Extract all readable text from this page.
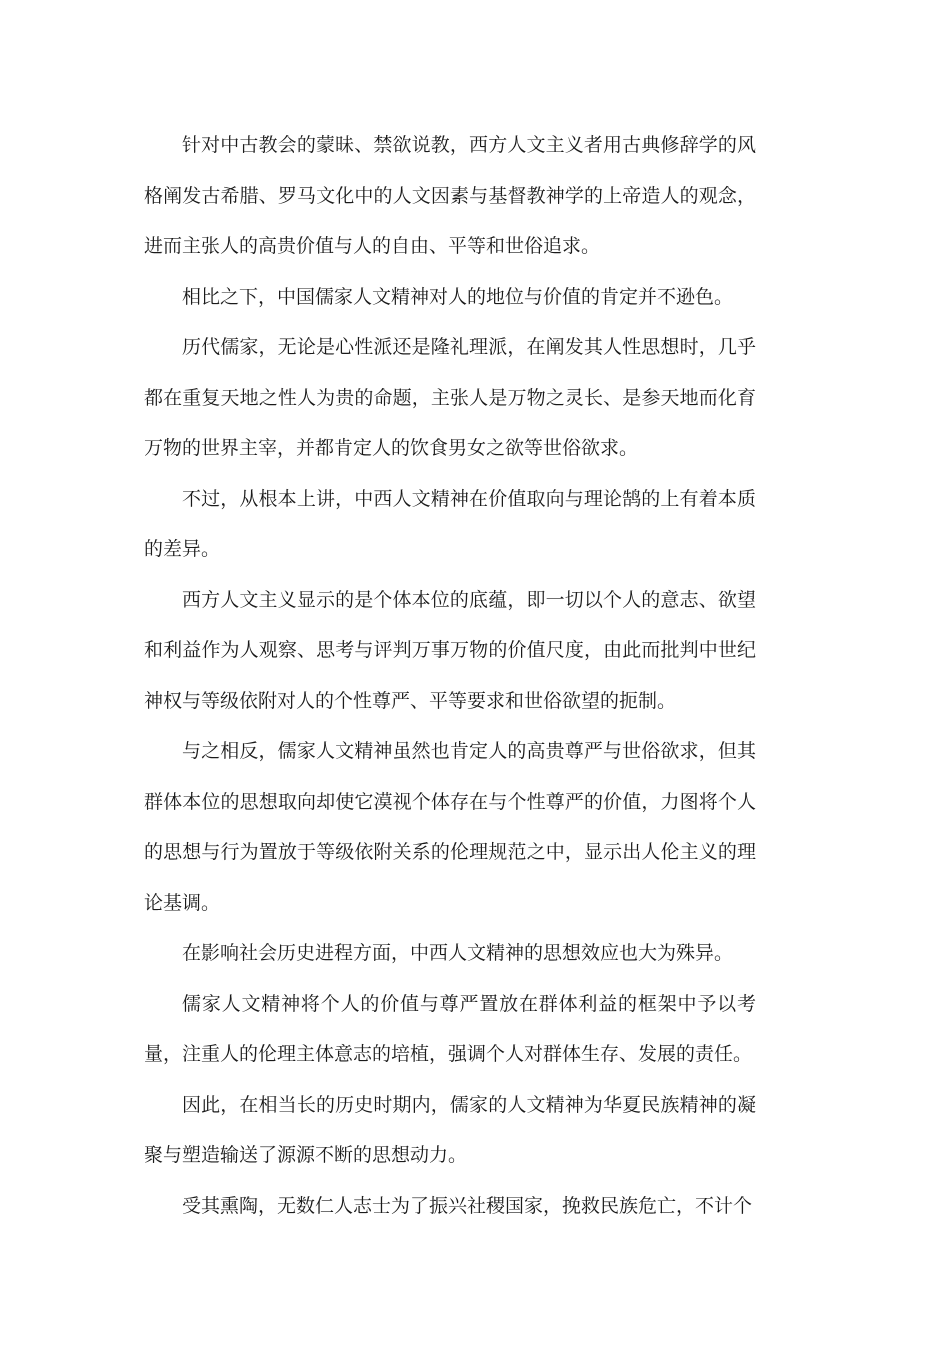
针对中古教会的蒙昧、禁欲说教，西方人文主义者用古典修辞学的风格阐发古希腊、罗马文化中的人文因素与基督教神学的上帝造人的观念，进而主张人的高贵价值与人的自由、平等和世俗追求。

相比之下，中国儒家人文精神对人的地位与价值的肯定并不逊色。

历代儒家，无论是心性派还是隆礼理派，在阐发其人性思想时，几乎都在重复天地之性人为贵的命题，主张人是万物之灵长、是参天地而化育万物的世界主宰，并都肯定人的饮食男女之欲等世俗欲求。

不过，从根本上讲，中西人文精神在价值取向与理论鹄的上有着本质的差异。

西方人文主义显示的是个体本位的底蕴，即一切以个人的意志、欲望和利益作为人观察、思考与评判万事万物的价值尺度，由此而批判中世纪神权与等级依附对人的个性尊严、平等要求和世俗欲望的扼制。

与之相反，儒家人文精神虽然也肯定人的高贵尊严与世俗欲求，但其群体本位的思想取向却使它漠视个体存在与个性尊严的价值，力图将个人的思想与行为置放于等级依附关系的伦理规范之中，显示出人伦主义的理论基调。

在影响社会历史进程方面，中西人文精神的思想效应也大为殊异。

儒家人文精神将个人的价值与尊严置放在群体利益的框架中予以考量，注重人的伦理主体意志的培植，强调个人对群体生存、发展的责任。

因此，在相当长的历史时期内，儒家的人文精神为华夏民族精神的凝聚与塑造输送了源源不断的思想动力。

受其熏陶，无数仁人志士为了振兴社稷国家，挽救民族危亡，不计个
